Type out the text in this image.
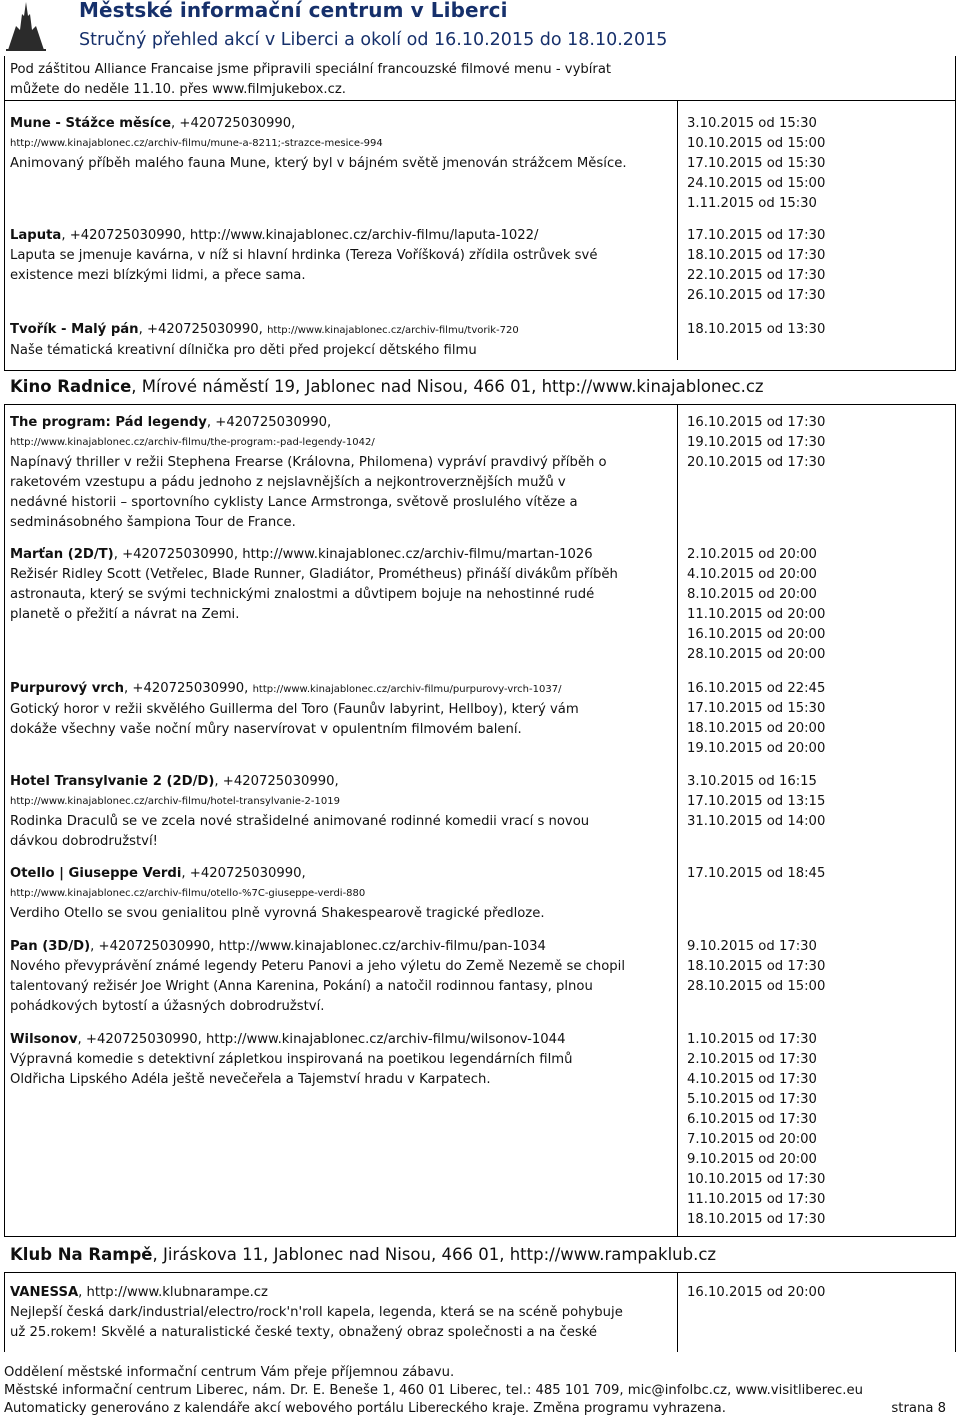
Městské informační centrum v Liberci
Stručný přehled akcí v Liberci a okolí od 16.10.2015 do 18.10.2015
Pod záštitou Alliance Francaise jsme připravili speciální francouzské filmové menu - vybírat
můžete do neděle 11.10. přes www.filmjukebox.cz.
Mune - Stážce měsíce, +420725030990,
http://www.kinajablonec.cz/archiv-filmu/mune-a-8211;-strazce-mesice-994
Animovaný příběh malého fauna Mune, který byl v bájném světě jmenován strážcem Měsíce.
3.10.2015 od 15:30
10.10.2015 od 15:00
17.10.2015 od 15:30
24.10.2015 od 15:00
1.11.2015 od 15:30
Laputa, +420725030990, http://www.kinajablonec.cz/archiv-filmu/laputa-1022/
Laputa se jmenuje kavárna, v níž si hlavní hrdinka (Tereza Voříšková) zřídila ostrůvek své
existence mezi blízkými lidmi, a přece sama.
17.10.2015 od 17:30
18.10.2015 od 17:30
22.10.2015 od 17:30
26.10.2015 od 17:30
Tvořík - Malý pán, +420725030990, http://www.kinajablonec.cz/archiv-filmu/tvorik-720
Naše tématická kreativní dílnička pro děti před projekcí dětského filmu
18.10.2015 od 13:30
Kino Radnice, Mírové náměstí 19, Jablonec nad Nisou, 466 01, http://www.kinajablonec.cz
The program: Pád legendy, +420725030990,
http://www.kinajablonec.cz/archiv-filmu/the-program:-pad-legendy-1042/
Napínavý thriller v režii Stephena Frearse (Královna, Philomena) vypráví pravdivý příběh o
raketovém vzestupu a pádu jednoho z nejslavnějších a nejkontroverznějších mužů v
nedávné historii – sportovního cyklisty Lance Armstronga, světově proslulého vítěze a
sedminásobného šampiona Tour de France.
16.10.2015 od 17:30
19.10.2015 od 17:30
20.10.2015 od 17:30
Marťan (2D/T), +420725030990, http://www.kinajablonec.cz/archiv-filmu/martan-1026
Režisér Ridley Scott (Vetřelec, Blade Runner, Gladiátor, Prométheus) přináší divákům příběh
astronauta, který se svými technickými znalostmi a důvtipem bojuje na nehostinné rudé
planetě o přežití a návrat na Zemi.
2.10.2015 od 20:00
4.10.2015 od 20:00
8.10.2015 od 20:00
11.10.2015 od 20:00
16.10.2015 od 20:00
28.10.2015 od 20:00
Purpurový vrch, +420725030990, http://www.kinajablonec.cz/archiv-filmu/purpurovy-vrch-1037/
Gotický horor v režii skvělého Guillerma del Toro (Faunův labyrint, Hellboy), který vám
dokáže všechny vaše noční můry naservírovat v opulentním filmovém balení.
16.10.2015 od 22:45
17.10.2015 od 15:30
18.10.2015 od 20:00
19.10.2015 od 20:00
Hotel Transylvanie 2 (2D/D), +420725030990,
http://www.kinajablonec.cz/archiv-filmu/hotel-transylvanie-2-1019
Rodinka Draculů se ve zcela nové strašidelné animované rodinné komedii vrací s novou
dávkou dobrodružství!
3.10.2015 od 16:15
17.10.2015 od 13:15
31.10.2015 od 14:00
Otello | Giuseppe Verdi, +420725030990,
http://www.kinajablonec.cz/archiv-filmu/otello-%7C-giuseppe-verdi-880
Verdiho Otello se svou genialitou plně vyrovná Shakespearově tragické předloze.
17.10.2015 od 18:45
Pan (3D/D), +420725030990, http://www.kinajablonec.cz/archiv-filmu/pan-1034
Nového převyprávění známé legendy Peteru Panovi a jeho výletu do Země Nezemě se chopil
talentovaný režisér Joe Wright (Anna Karenina, Pokání) a natočil rodinnou fantasy, plnou
pohádkových bytostí a úžasných dobrodružství.
9.10.2015 od 17:30
18.10.2015 od 17:30
28.10.2015 od 15:00
Wilsonov, +420725030990, http://www.kinajablonec.cz/archiv-filmu/wilsonov-1044
Výpravná komedie s detektivní zápletkou inspirovaná na poetikou legendárních filmů
Oldřicha Lipského Adéla ještě nevečeřela a Tajemství hradu v Karpatech.
1.10.2015 od 17:30
2.10.2015 od 17:30
4.10.2015 od 17:30
5.10.2015 od 17:30
6.10.2015 od 17:30
7.10.2015 od 20:00
9.10.2015 od 20:00
10.10.2015 od 17:30
11.10.2015 od 17:30
18.10.2015 od 17:30
Klub Na Rampě, Jiráskova 11, Jablonec nad Nisou, 466 01, http://www.rampaklub.cz
VANESSA, http://www.klubnarampe.cz
Nejlepší česká dark/industrial/electro/rock'n'roll kapela, legenda, která se na scéně pohybuje
už 25.rokem! Skvělé a naturalistické české texty, obnažený obraz společnosti a na české
16.10.2015 od 20:00
Oddělení městské informační centrum Vám přeje příjemnou zábavu.
Městské informační centrum Liberec, nám. Dr. E. Beneše 1, 460 01 Liberec, tel.: 485 101 709, mic@infolbc.cz, www.visitliberec.eu
Automaticky generováno z kalendáře akcí webového portálu Libereckého kraje. Změna programu vyhrazena.	strana 8
